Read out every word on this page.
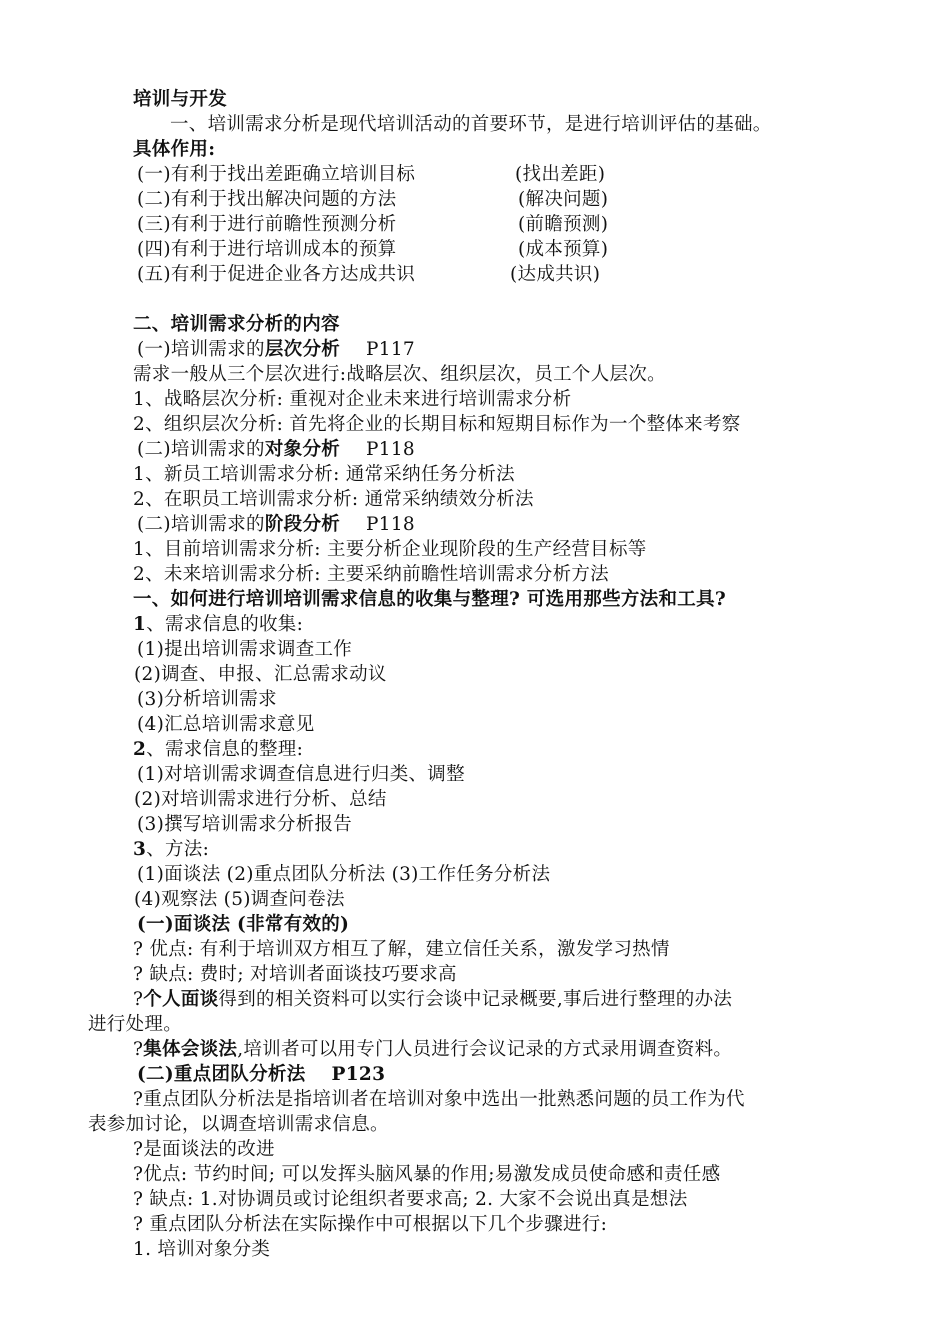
培训与开发
一、培训需求分析是现代培训活动的首要环节，是进行培训评估的基础。
具体作用:
(一)有利于找出差距确立培训目标	(找出差距)
(二)有利于找出解决问题的方法	(解决问题)
(三)有利于进行前瞻性预测分析	(前瞻预测)
(四)有利于进行培训成本的预算	(成本预算)
(五)有利于促进企业各方达成共识	(达成共识)
二、培训需求分析的内容
(一)培训需求的层次分析 P117
需求一般从三个层次进行:战略层次、组织层次，员工个人层次。
1、战略层次分析: 重视对企业未来进行培训需求分析
2、组织层次分析: 首先将企业的长期目标和短期目标作为一个整体来考察
(二)培训需求的对象分析 P118
1、新员工培训需求分析: 通常采纳任务分析法
2、在职员工培训需求分析: 通常采纳绩效分析法
(二)培训需求的阶段分析 P118
1、目前培训需求分析: 主要分析企业现阶段的生产经营目标等
2、未来培训需求分析: 主要采纳前瞻性培训需求分析方法
一、如何进行培训培训需求信息的收集与整理? 可选用那些方法和工具?
1、需求信息的收集:
(1)提出培训需求调查工作
(2)调查、申报、汇总需求动议
(3)分析培训需求
(4)汇总培训需求意见
2、需求信息的整理:
(1)对培训需求调查信息进行归类、调整
(2)对培训需求进行分析、总结
(3)撰写培训需求分析报告
3、方法:
(1)面谈法 (2)重点团队分析法 (3)工作任务分析法
(4)观察法 (5)调查问卷法
(一)面谈法 (非常有效的)
? 优点: 有利于培训双方相互了解，建立信任关系，激发学习热情
? 缺点: 费时; 对培训者面谈技巧要求高
?个人面谈得到的相关资料可以实行会谈中记录概要,事后进行整理的办法
进行处理。
?集体会谈法,培训者可以用专门人员进行会议记录的方式录用调查资料。
(二)重点团队分析法 P123
?重点团队分析法是指培训者在培训对象中选出一批熟悉问题的员工作为代
表参加讨论，以调查培训需求信息。
?是面谈法的改进
?优点: 节约时间; 可以发挥头脑风暴的作用;易激发成员使命感和责任感
? 缺点: 1.对协调员或讨论组织者要求高; 2. 大家不会说出真是想法
? 重点团队分析法在实际操作中可根据以下几个步骤进行:
1. 培训对象分类
